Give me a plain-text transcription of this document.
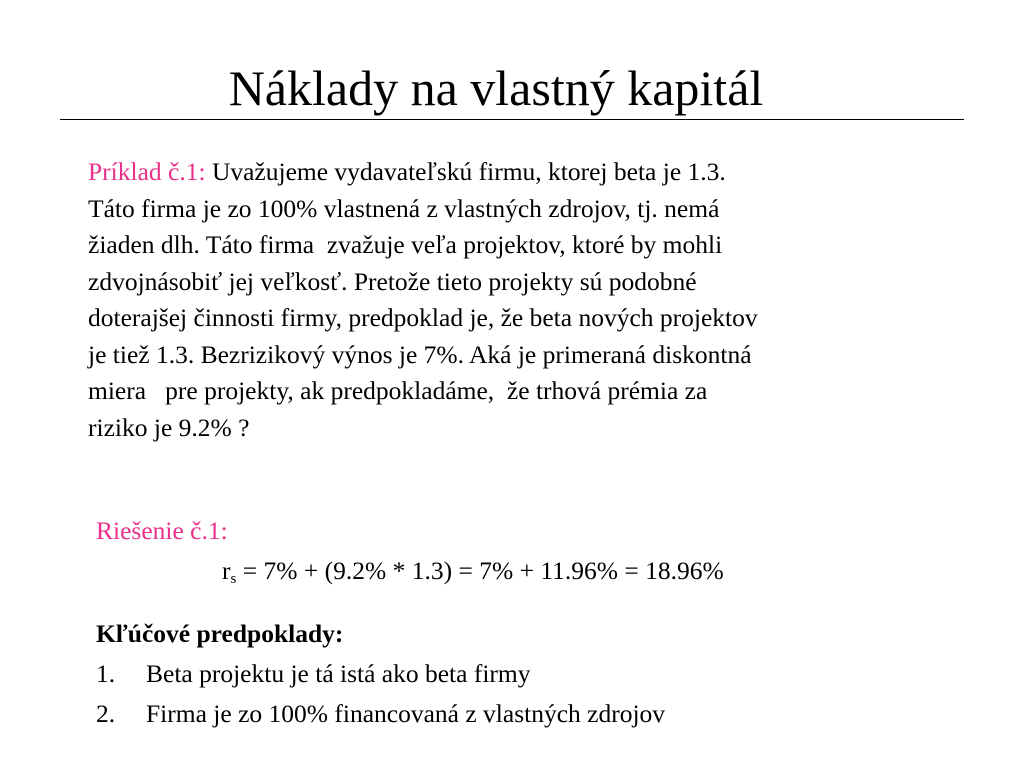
Náklady na vlastný kapitál
Príklad č.1: Uvažujeme vydavateľskú firmu, ktorej beta je 1.3.
Táto firma je zo 100% vlastnená z vlastných zdrojov, tj. nemá
žiaden dlh. Táto firma  zvažuje veľa projektov, ktoré by mohli
zdvojnásobiť jej veľkosť. Pretože tieto projekty sú podobné
doterajšej činnosti firmy, predpoklad je, že beta nových projektov
je tiež 1.3. Bezrizikový výnos je 7%. Aká je primeraná diskontná
miera   pre projekty, ak predpokladáme,  že trhová prémia za
riziko je 9.2% ?
Riešenie č.1:
$r_s = 7\% + (9.2\% * 1.3) = 7\% + 11.96\% = 18.96\%$
Kľúčové predpoklady:
1. Beta projektu je tá istá ako beta firmy
2. Firma je zo 100% financovaná z vlastných zdrojov
